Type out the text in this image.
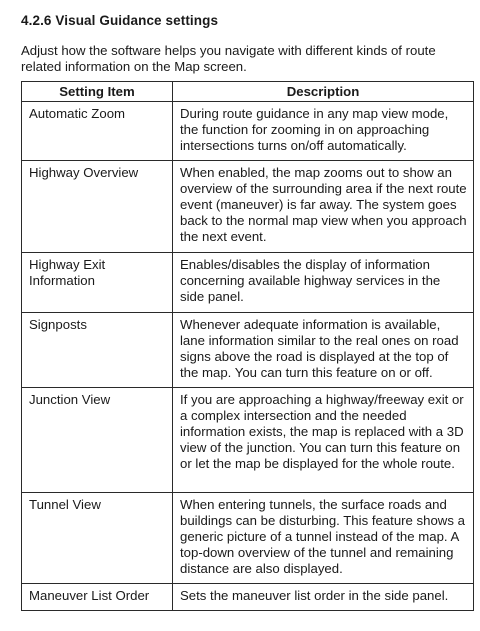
4.2.6 Visual Guidance settings

Adjust how the software helps you navigate with different kinds of route related information on the Map screen.

Setting Item	Description
Automatic Zoom	During route guidance in any map view mode, the function for zooming in on approaching intersections turns on/off automatically.
Highway Overview	When enabled, the map zooms out to show an overview of the surrounding area if the next route event (maneuver) is far away. The system goes back to the normal map view when you approach the next event.
Highway Exit Information	Enables/disables the display of information concerning available highway services in the side panel.
Signposts	Whenever adequate information is available, lane information similar to the real ones on road signs above the road is displayed at the top of the map. You can turn this feature on or off.
Junction View	If you are approaching a highway/freeway exit or a complex intersection and the needed information exists, the map is replaced with a 3D view of the junction. You can turn this feature on or let the map be displayed for the whole route.
Tunnel View	When entering tunnels, the surface roads and buildings can be disturbing. This feature shows a generic picture of a tunnel instead of the map. A top-down overview of the tunnel and remaining distance are also displayed.
Maneuver List Order	Sets the maneuver list order in the side panel.
